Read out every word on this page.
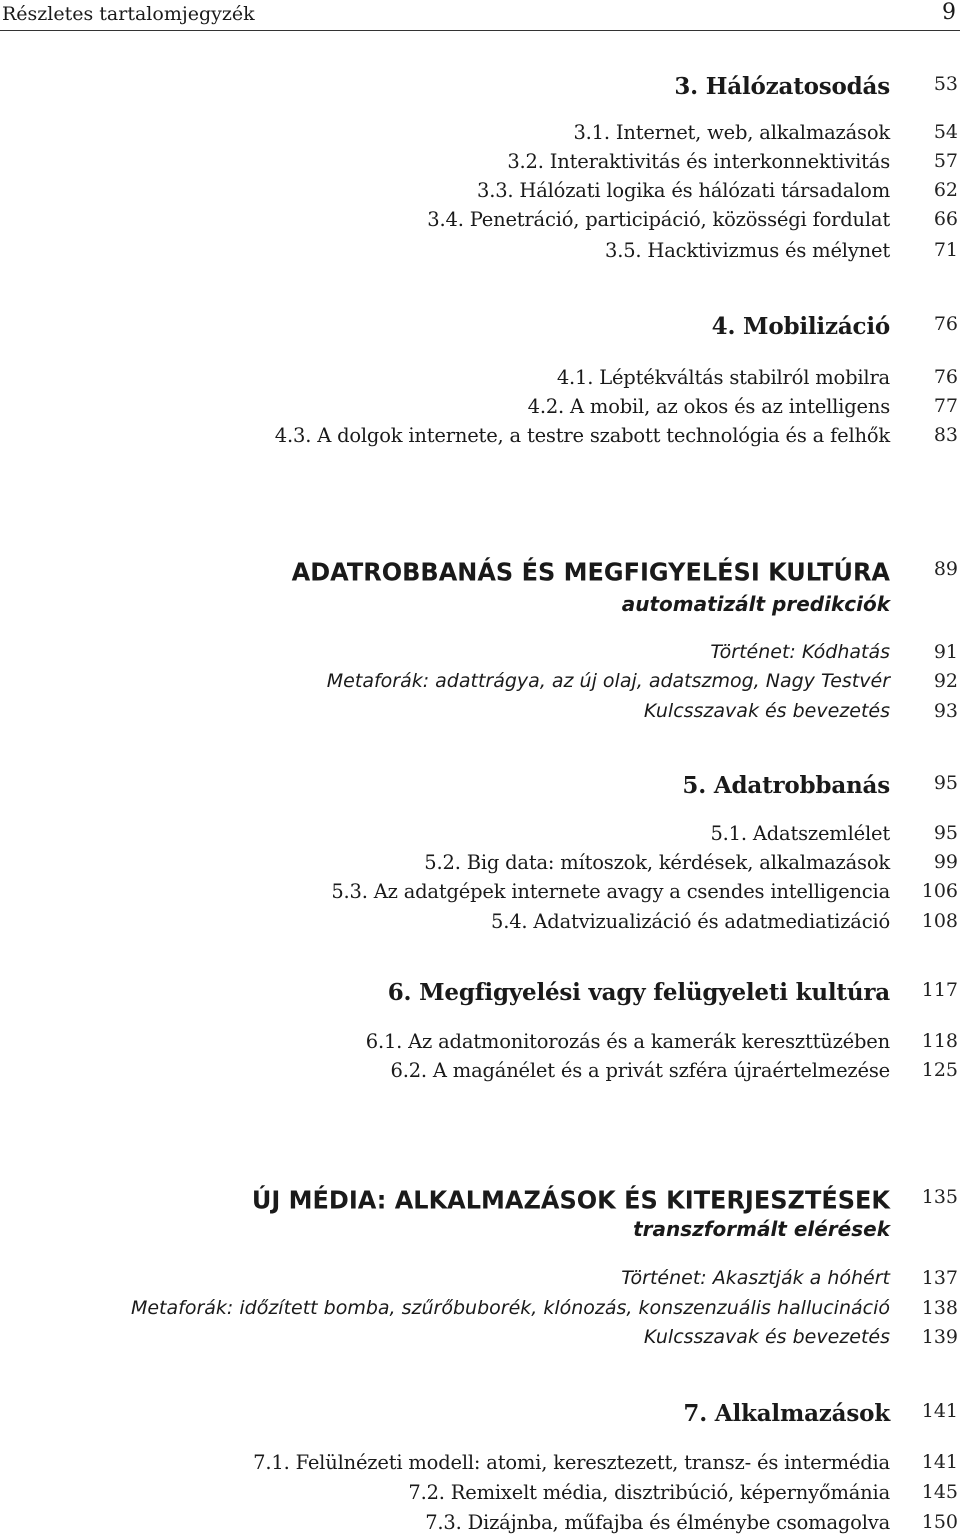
Részletes tartalomjegyzék	9
3. Hálózatosodás	53
3.1. Internet, web, alkalmazások	54
3.2. Interaktivitás és interkonnektivitás	57
3.3. Hálózati logika és hálózati társadalom	62
3.4. Penetráció, participáció, közösségi fordulat	66
3.5. Hacktivizmus és mélynet	71
4. Mobilizáció	76
4.1. Léptékváltás stabilról mobilra	76
4.2. A mobil, az okos és az intelligens	77
4.3. A dolgok internete, a testre szabott technológia és a felhők	83
ADATROBBANÁS ÉS MEGFIGYELÉSI KULTÚRA	89
automatizált predikciók
Történet: Kódhatás	91
Metaforák: adattrágya, az új olaj, adatszmog, Nagy Testvér	92
Kulcsszavak és bevezetés	93
5. Adatrobbanás	95
5.1. Adatszemlélet	95
5.2. Big data: mítoszok, kérdések, alkalmazások	99
5.3. Az adatgépek internete avagy a csendes intelligencia	106
5.4. Adatvizualizáció és adatmediatizáció	108
6. Megfigyelési vagy felügyeleti kultúra	117
6.1. Az adatmonitorozás és a kamerák kereszttüzében	118
6.2. A magánélet és a privát szféra újraértelmezése	125
ÚJ MÉDIA: ALKALMAZÁSOK ÉS KITERJESZTÉSEK	135
transzformált elérések
Történet: Akasztják a hóhért	137
Metaforák: időzített bomba, szűrőbuborék, klónozás, konszenzuális hallucináció	138
Kulcsszavak és bevezetés	139
7. Alkalmazások	141
7.1. Felülnézeti modell: atomi, keresztezett, transz- és intermédia	141
7.2. Remixelt média, disztribúció, képernyőmánia	145
7.3. Dizájnba, műfajba és élménybe csomagolva	150
